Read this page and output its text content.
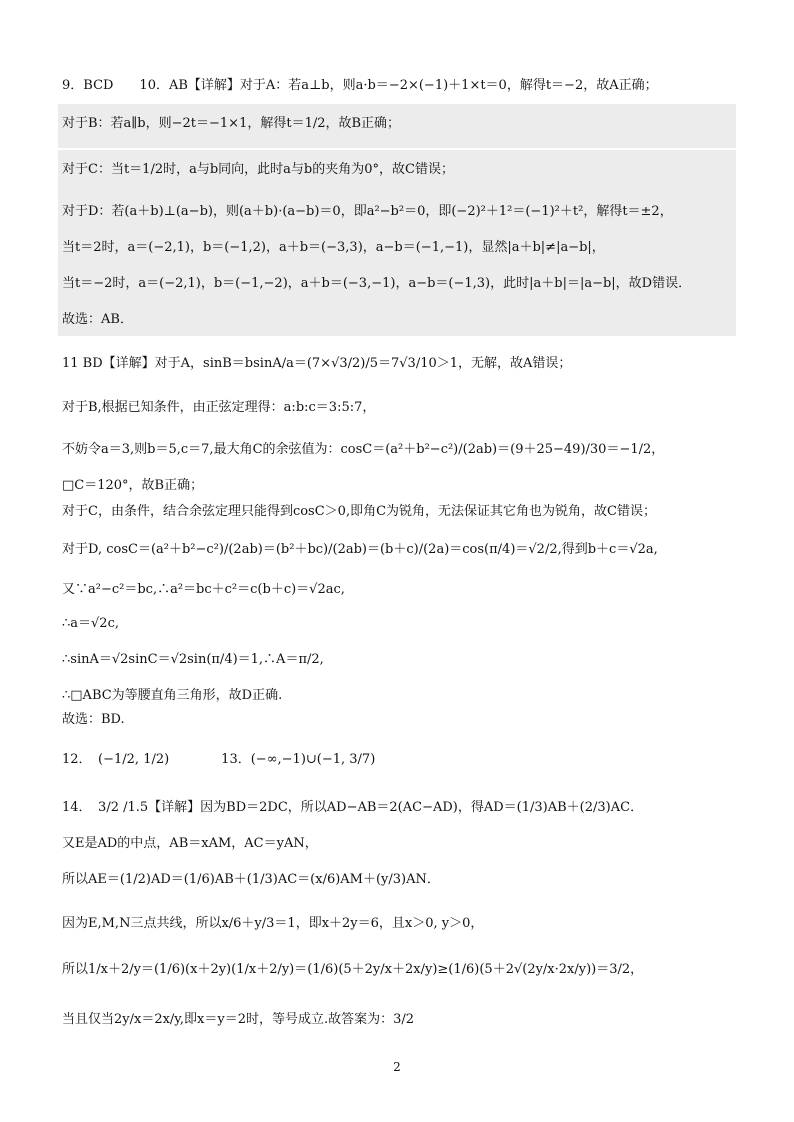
9．BCD　　10．AB【详解】对于A：若a⊥b，则a·b＝−2×(−1)＋1×t＝0，解得t＝−2，故A正确；
对于B：若a∥b，则−2t＝−1×1，解得t＝1/2，故B正确；
对于C：当t＝1/2时，a与b同向，此时a与b的夹角为0°，故C错误；
对于D：若(a＋b)⊥(a−b)，则(a＋b)·(a−b)＝0，即a²−b²＝0，即(−2)²＋1²＝(−1)²＋t²，解得t＝±2，
当t＝2时，a＝(−2,1)，b＝(−1,2)，a＋b＝(−3,3)，a−b＝(−1,−1)，显然|a＋b|≠|a−b|，
当t＝−2时，a＝(−2,1)，b＝(−1,−2)，a＋b＝(−3,−1)，a−b＝(−1,3)，此时|a＋b|＝|a−b|，故D错误．
故选：AB．
11 BD【详解】对于A，sinB＝bsinA/a＝(7×√3/2)/5＝7√3/10＞1，无解，故A错误；
对于B,根据已知条件，由正弦定理得：a:b:c＝3:5:7，
不妨令a＝3,则b＝5,c＝7,最大角C的余弦值为：cosC＝(a²＋b²−c²)/(2ab)＝(9＋25−49)/30＝−1/2，
□C＝120°，故B正确；
对于C，由条件，结合余弦定理只能得到cosC＞0,即角C为锐角，无法保证其它角也为锐角，故C错误；
对于D, cosC＝(a²＋b²−c²)/(2ab)＝(b²＋bc)/(2ab)＝(b＋c)/(2a)＝cos(π/4)＝√2/2,得到b＋c＝√2a,
又∵a²−c²＝bc,∴a²＝bc＋c²＝c(b＋c)＝√2ac,
∴a＝√2c,
∴sinA＝√2sinC＝√2sin(π/4)＝1,∴A＝π/2,
∴□ABC为等腰直角三角形，故D正确.
故选：BD.
12．　(−1/2, 1/2)　　　　13．(−∞,−1)∪(−1, 3/7)
14．　3/2 /1.5【详解】因为BD＝2DC，所以AD−AB＝2(AC−AD)，得AD＝(1/3)AB＋(2/3)AC．
又E是AD的中点，AB＝xAM，AC＝yAN，
所以AE＝(1/2)AD＝(1/6)AB＋(1/3)AC＝(x/6)AM＋(y/3)AN．
因为E,M,N三点共线，所以x/6＋y/3＝1，即x＋2y＝6，且x＞0, y＞0，
所以1/x＋2/y＝(1/6)(x＋2y)(1/x＋2/y)＝(1/6)(5＋2y/x＋2x/y)≥(1/6)(5＋2√(2y/x·2x/y))＝3/2，
当且仅当2y/x＝2x/y,即x＝y＝2时，等号成立.故答案为：3/2
2
